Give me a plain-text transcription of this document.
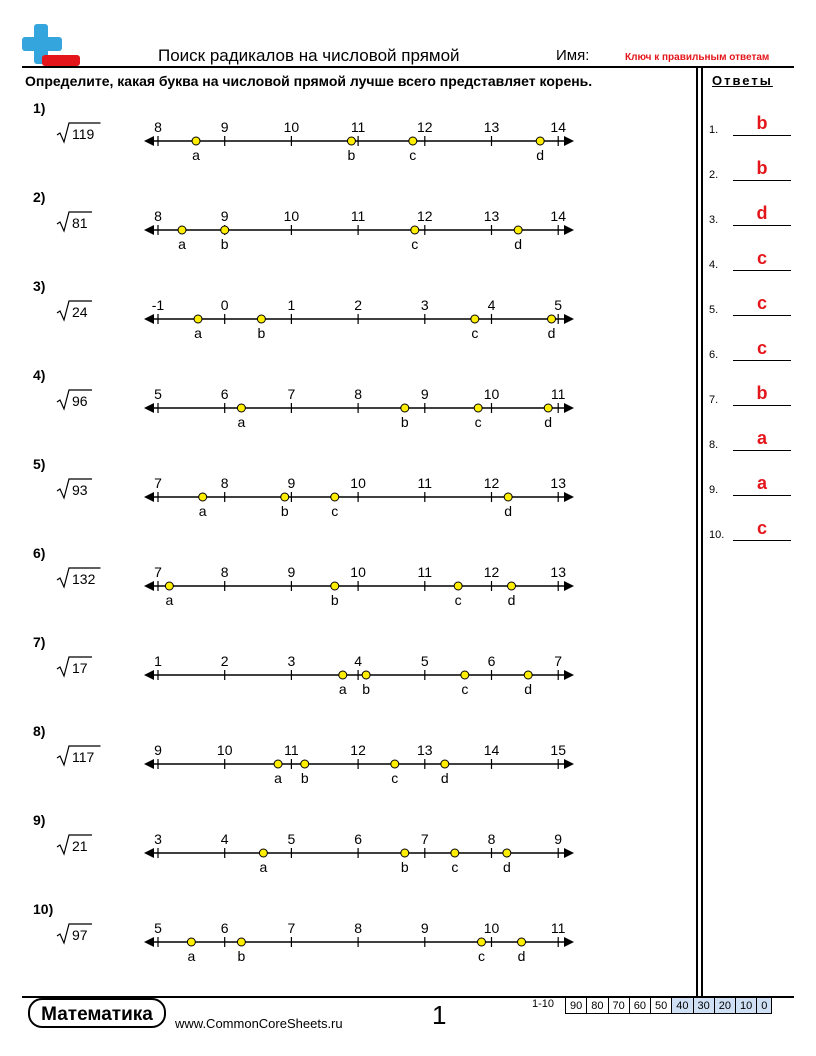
Поиск радикалов на числовой прямой	Имя:	Ключ к правильным ответам
Определите, какая буква на числовой прямой лучше всего представляет корень.	Ответы
1.	b
2.	b
3.	d
4.	c
5.	c
6.	c
7.	b
8.	a
9.	a
10.	c
1)
119	8	9	10	11	12	13	14
a	b	c	d
2)
81	8	9	10	11	12	13	14
a b	c	d
3)
24	-1	0	1	2	3	4	5
a	b	c	d
4)
96	5	6	7	8	9	10	11
a	b	c	d
5)
93	7	8	9	10	11	12	13
a	b	c	d
6)
132	7	8	9	10	11	12	13
a	b	c	d
7)
17	1	2	3	4	5	6	7
a b	c	d
8)
117	9	10	11	12	13	14	15
a b	c	d
9)
21	3	4	5	6	7	8	9
a	b	c	d
10)
97	5	6	7	8	9	10	11
a	b	c d
Математика	www.CommonCoreSheets.ru	1	1-10 90	80	70	60	50	40	30	20	10	0
